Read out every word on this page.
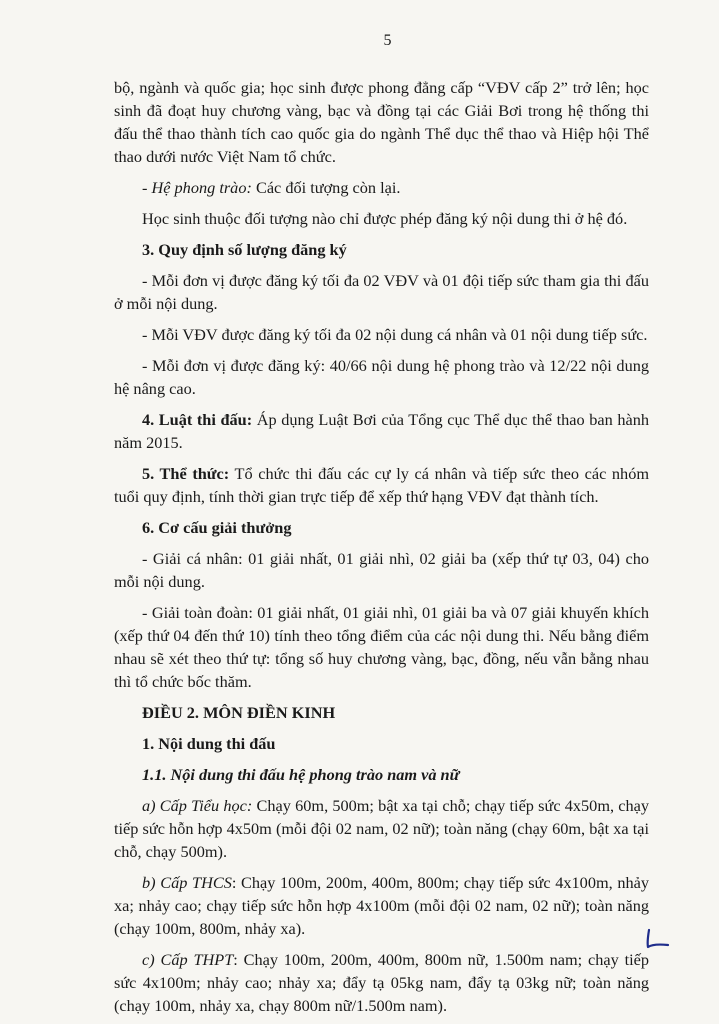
5

bộ, ngành và quốc gia; học sinh được phong đẳng cấp “VĐV cấp 2” trở lên; học sinh đã đoạt huy chương vàng, bạc và đồng tại các Giải Bơi trong hệ thống thi đấu thể thao thành tích cao quốc gia do ngành Thể dục thể thao và Hiệp hội Thể thao dưới nước Việt Nam tổ chức.

- Hệ phong trào: Các đối tượng còn lại.

Học sinh thuộc đối tượng nào chỉ được phép đăng ký nội dung thi ở hệ đó.

3. Quy định số lượng đăng ký

- Mỗi đơn vị được đăng ký tối đa 02 VĐV và 01 đội tiếp sức tham gia thi đấu ở mỗi nội dung.

- Mỗi VĐV được đăng ký tối đa 02 nội dung cá nhân và 01 nội dung tiếp sức.

- Mỗi đơn vị được đăng ký: 40/66 nội dung hệ phong trào và 12/22 nội dung hệ nâng cao.

4. Luật thi đấu: Áp dụng Luật Bơi của Tổng cục Thể dục thể thao ban hành năm 2015.

5. Thể thức: Tổ chức thi đấu các cự ly cá nhân và tiếp sức theo các nhóm tuổi quy định, tính thời gian trực tiếp để xếp thứ hạng VĐV đạt thành tích.

6. Cơ cấu giải thưởng

- Giải cá nhân: 01 giải nhất, 01 giải nhì, 02 giải ba (xếp thứ tự 03, 04) cho mỗi nội dung.

- Giải toàn đoàn: 01 giải nhất, 01 giải nhì, 01 giải ba và 07 giải khuyến khích (xếp thứ 04 đến thứ 10) tính theo tổng điểm của các nội dung thi. Nếu bằng điểm nhau sẽ xét theo thứ tự: tổng số huy chương vàng, bạc, đồng, nếu vẫn bằng nhau thì tổ chức bốc thăm.

ĐIỀU 2. MÔN ĐIỀN KINH

1. Nội dung thi đấu

1.1. Nội dung thi đấu hệ phong trào nam và nữ

a) Cấp Tiểu học: Chạy 60m, 500m; bật xa tại chỗ; chạy tiếp sức 4x50m, chạy tiếp sức hỗn hợp 4x50m (mỗi đội 02 nam, 02 nữ); toàn năng (chạy 60m, bật xa tại chỗ, chạy 500m).

b) Cấp THCS: Chạy 100m, 200m, 400m, 800m; chạy tiếp sức 4x100m, nhảy xa; nhảy cao; chạy tiếp sức hỗn hợp 4x100m (mỗi đội 02 nam, 02 nữ); toàn năng (chạy 100m, 800m, nhảy xa).

c) Cấp THPT: Chạy 100m, 200m, 400m, 800m nữ, 1.500m nam; chạy tiếp sức 4x100m; nhảy cao; nhảy xa; đẩy tạ 05kg nam, đẩy tạ 03kg nữ; toàn năng (chạy 100m, nhảy xa, chạy 800m nữ/1.500m nam).
